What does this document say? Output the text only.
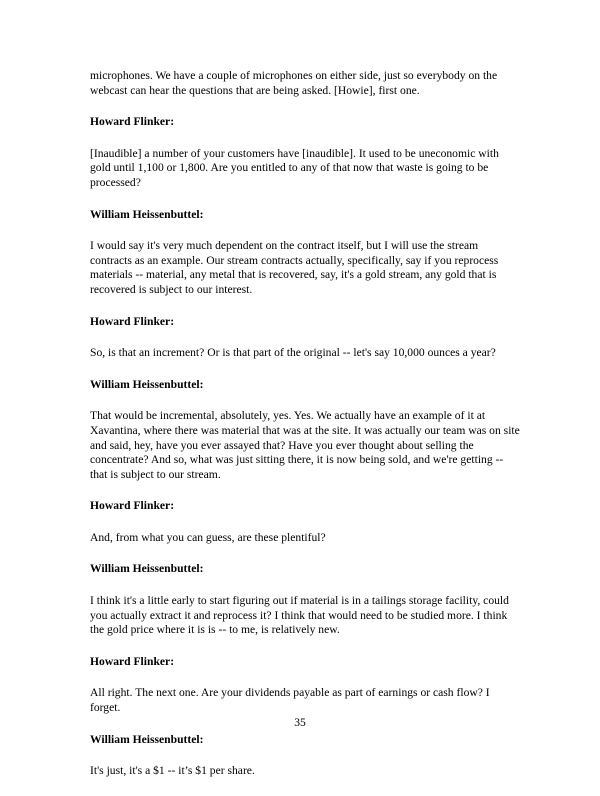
microphones. We have a couple of microphones on either side, just so everybody on the webcast can hear the questions that are being asked. [Howie], first one.

Howard Flinker:

[Inaudible] a number of your customers have [inaudible]. It used to be uneconomic with gold until 1,100 or 1,800. Are you entitled to any of that now that waste is going to be processed?

William Heissenbuttel:

I would say it's very much dependent on the contract itself, but I will use the stream contracts as an example. Our stream contracts actually, specifically, say if you reprocess materials -- material, any metal that is recovered, say, it's a gold stream, any gold that is recovered is subject to our interest.

Howard Flinker:

So, is that an increment? Or is that part of the original -- let's say 10,000 ounces a year?

William Heissenbuttel:

That would be incremental, absolutely, yes. Yes. We actually have an example of it at Xavantina, where there was material that was at the site. It was actually our team was on site and said, hey, have you ever assayed that? Have you ever thought about selling the concentrate? And so, what was just sitting there, it is now being sold, and we're getting -- that is subject to our stream.

Howard Flinker:

And, from what you can guess, are these plentiful?

William Heissenbuttel:

I think it's a little early to start figuring out if material is in a tailings storage facility, could you actually extract it and reprocess it? I think that would need to be studied more. I think the gold price where it is is -- to me, is relatively new.

Howard Flinker:

All right. The next one. Are your dividends payable as part of earnings or cash flow? I forget.

William Heissenbuttel:

It's just, it's a $1 -- it’s $1 per share.

35
